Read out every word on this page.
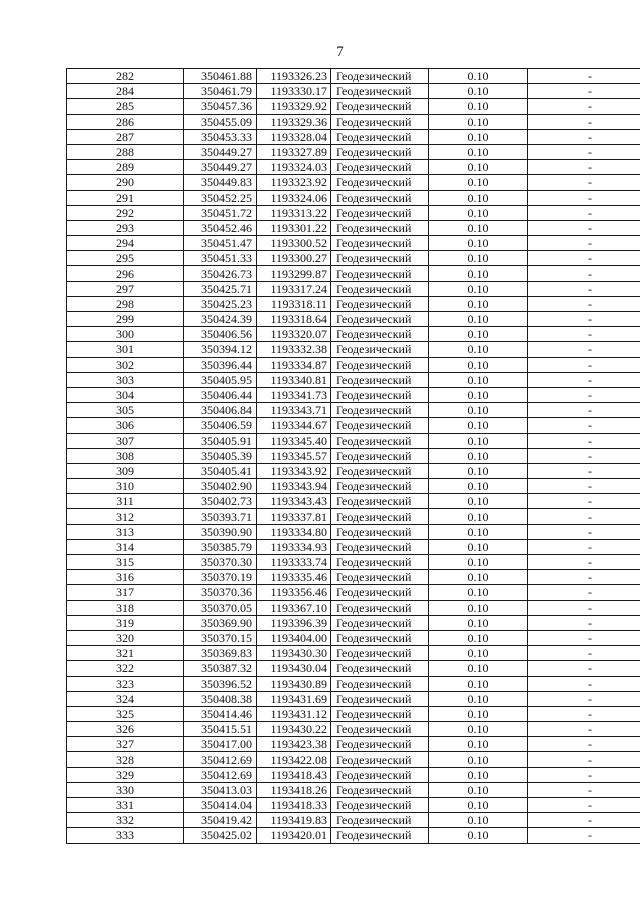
7
282	350461.88	1193326.23	Геодезический	0.10	-
284	350461.79	1193330.17	Геодезический	0.10	-
285	350457.36	1193329.92	Геодезический	0.10	-
286	350455.09	1193329.36	Геодезический	0.10	-
287	350453.33	1193328.04	Геодезический	0.10	-
288	350449.27	1193327.89	Геодезический	0.10	-
289	350449.27	1193324.03	Геодезический	0.10	-
290	350449.83	1193323.92	Геодезический	0.10	-
291	350452.25	1193324.06	Геодезический	0.10	-
292	350451.72	1193313.22	Геодезический	0.10	-
293	350452.46	1193301.22	Геодезический	0.10	-
294	350451.47	1193300.52	Геодезический	0.10	-
295	350451.33	1193300.27	Геодезический	0.10	-
296	350426.73	1193299.87	Геодезический	0.10	-
297	350425.71	1193317.24	Геодезический	0.10	-
298	350425.23	1193318.11	Геодезический	0.10	-
299	350424.39	1193318.64	Геодезический	0.10	-
300	350406.56	1193320.07	Геодезический	0.10	-
301	350394.12	1193332.38	Геодезический	0.10	-
302	350396.44	1193334.87	Геодезический	0.10	-
303	350405.95	1193340.81	Геодезический	0.10	-
304	350406.44	1193341.73	Геодезический	0.10	-
305	350406.84	1193343.71	Геодезический	0.10	-
306	350406.59	1193344.67	Геодезический	0.10	-
307	350405.91	1193345.40	Геодезический	0.10	-
308	350405.39	1193345.57	Геодезический	0.10	-
309	350405.41	1193343.92	Геодезический	0.10	-
310	350402.90	1193343.94	Геодезический	0.10	-
311	350402.73	1193343.43	Геодезический	0.10	-
312	350393.71	1193337.81	Геодезический	0.10	-
313	350390.90	1193334.80	Геодезический	0.10	-
314	350385.79	1193334.93	Геодезический	0.10	-
315	350370.30	1193333.74	Геодезический	0.10	-
316	350370.19	1193335.46	Геодезический	0.10	-
317	350370.36	1193356.46	Геодезический	0.10	-
318	350370.05	1193367.10	Геодезический	0.10	-
319	350369.90	1193396.39	Геодезический	0.10	-
320	350370.15	1193404.00	Геодезический	0.10	-
321	350369.83	1193430.30	Геодезический	0.10	-
322	350387.32	1193430.04	Геодезический	0.10	-
323	350396.52	1193430.89	Геодезический	0.10	-
324	350408.38	1193431.69	Геодезический	0.10	-
325	350414.46	1193431.12	Геодезический	0.10	-
326	350415.51	1193430.22	Геодезический	0.10	-
327	350417.00	1193423.38	Геодезический	0.10	-
328	350412.69	1193422.08	Геодезический	0.10	-
329	350412.69	1193418.43	Геодезический	0.10	-
330	350413.03	1193418.26	Геодезический	0.10	-
331	350414.04	1193418.33	Геодезический	0.10	-
332	350419.42	1193419.83	Геодезический	0.10	-
333	350425.02	1193420.01	Геодезический	0.10	-
